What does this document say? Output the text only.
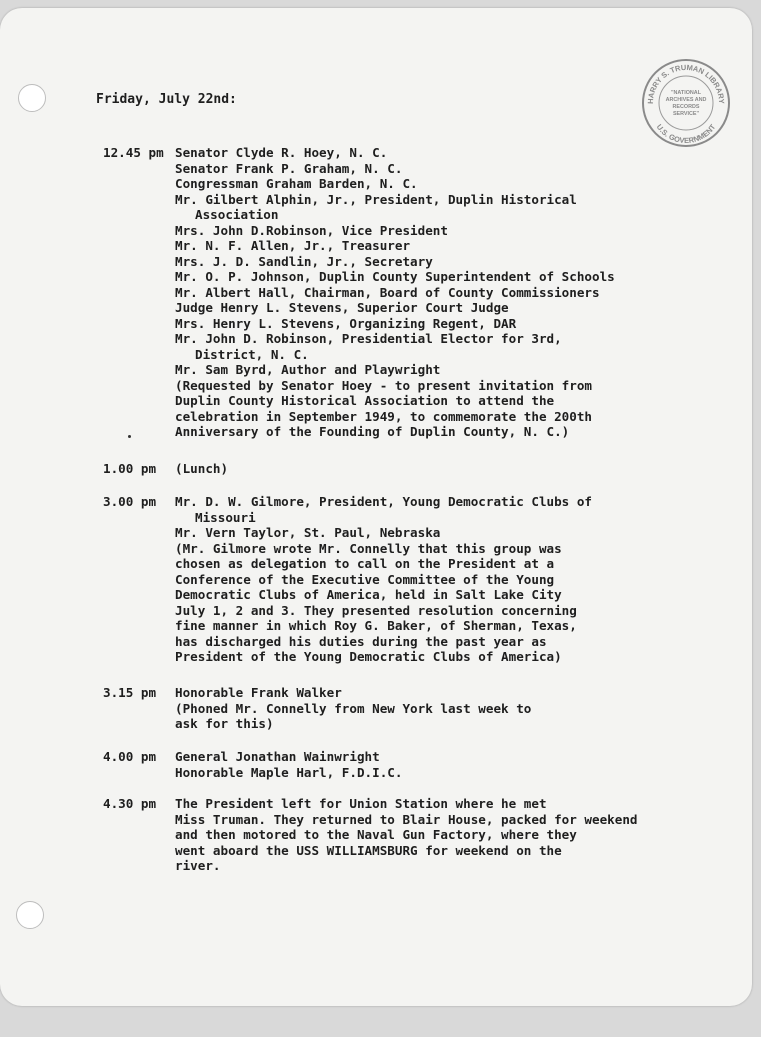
HARRY S. TRUMAN LIBRARY
U.S. GOVERNMENT
"NATIONAL
ARCHIVES AND
RECORDS
SERVICE"
Friday, July 22nd:
12.45 pm Senator Clyde R. Hoey, N. C.
Senator Frank P. Graham, N. C.
Congressman Graham Barden, N. C.
Mr. Gilbert Alphin, Jr., President, Duplin Historical
Association
Mrs. John D.Robinson, Vice President
Mr. N. F. Allen, Jr., Treasurer
Mrs. J. D. Sandlin, Jr., Secretary
Mr. O. P. Johnson, Duplin County Superintendent of Schools
Mr. Albert Hall, Chairman, Board of County Commissioners
Judge Henry L. Stevens, Superior Court Judge
Mrs. Henry L. Stevens, Organizing Regent, DAR
Mr. John D. Robinson, Presidential Elector for 3rd,
District, N. C.
Mr. Sam Byrd, Author and Playwright
(Requested by Senator Hoey - to present invitation from
Duplin County Historical Association to attend the
celebration in September 1949, to commemorate the 200th
Anniversary of the Founding of Duplin County, N. C.)
1.00 pm	(Lunch)
3.00 pm	Mr. D. W. Gilmore, President, Young Democratic Clubs of
Missouri
Mr. Vern Taylor, St. Paul, Nebraska
(Mr. Gilmore wrote Mr. Connelly that this group was
chosen as delegation to call on the President at a
Conference of the Executive Committee of the Young
Democratic Clubs of America, held in Salt Lake City
July 1, 2 and 3. They presented resolution concerning
fine manner in which Roy G. Baker, of Sherman, Texas,
has discharged his duties during the past year as
President of the Young Democratic Clubs of America)
3.15 pm	Honorable Frank Walker
(Phoned Mr. Connelly from New York last week to
ask for this)
4.00 pm	General Jonathan Wainwright
Honorable Maple Harl, F.D.I.C.
4.30 pm	The President left for Union Station where he met
Miss Truman. They returned to Blair House, packed for weekend
and then motored to the Naval Gun Factory, where they
went aboard the USS WILLIAMSBURG for weekend on the
river.
